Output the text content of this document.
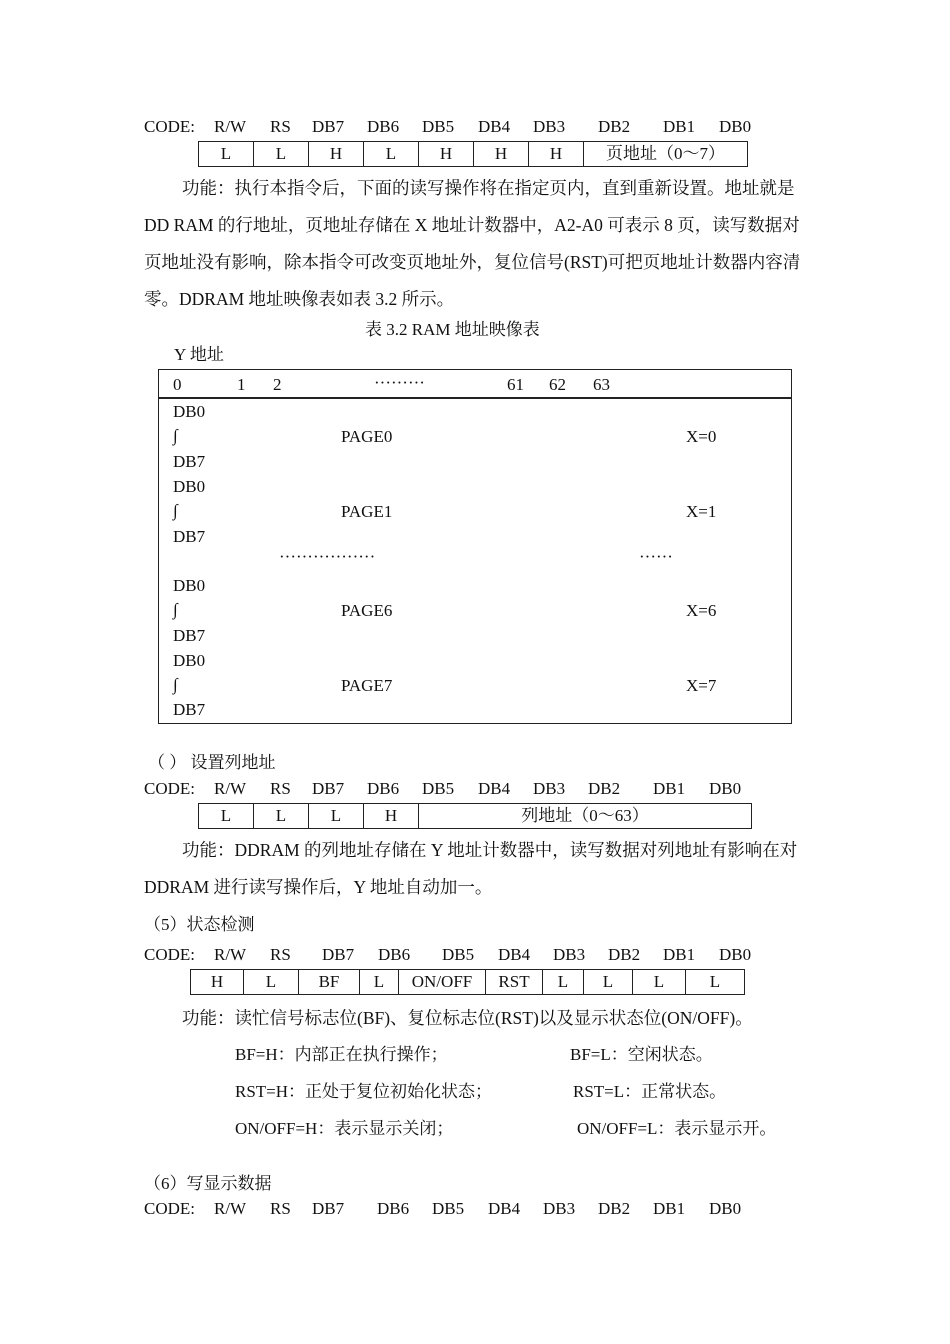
CODE: R/W RS DB7 DB6 DB5 DB4 DB3 DB2 DB1 DB0
L	L	H	L	H	H	H	页地址（0～7）

功能：执行本指令后，下面的读写操作将在指定页内，直到重新设置。地址就是 DD RAM 的行地址，页地址存储在 X 地址计数器中，A2-A0 可表示 8 页，读写数据对页地址没有影响，除本指令可改变页地址外，复位信号(RST)可把页地址计数器内容清零。DDRAM 地址映像表如表 3.2 所示。

表 3.2 RAM 地址映像表
Y 地址
0	1 2	·········	61 62 63
DB0
∫	PAGE0	X=0
DB7
DB0
∫	PAGE1	X=1
DB7
·················	······
DB0
∫	PAGE6	X=6
DB7
DB0
∫	PAGE7	X=7
DB7
（ ） 设置列地址
CODE: R/W RS DB7 DB6 DB5 DB4 DB3 DB2 DB1 DB0
L	L	L	H	列地址（0～63）

功能：DDRAM 的列地址存储在 Y 地址计数器中，读写数据对列地址有影响在对 DDRAM 进行读写操作后，Y 地址自动加一。

（5）状态检测
CODE: R/W RS DB7 DB6 DB5 DB4 DB3 DB2 DB1 DB0
H	L	BF	L	ON/OFF	RST	L	L	L	L
功能：读忙信号标志位(BF)、复位标志位(RST)以及显示状态位(ON/OFF)。
BF=H：内部正在执行操作；	BF=L：空闲状态。
RST=H：正处于复位初始化状态；	RST=L：正常状态。
ON/OFF=H：表示显示关闭；	ON/OFF=L：表示显示开。
（6）写显示数据
CODE: R/W RS DB7 DB6 DB5 DB4 DB3 DB2 DB1 DB0
